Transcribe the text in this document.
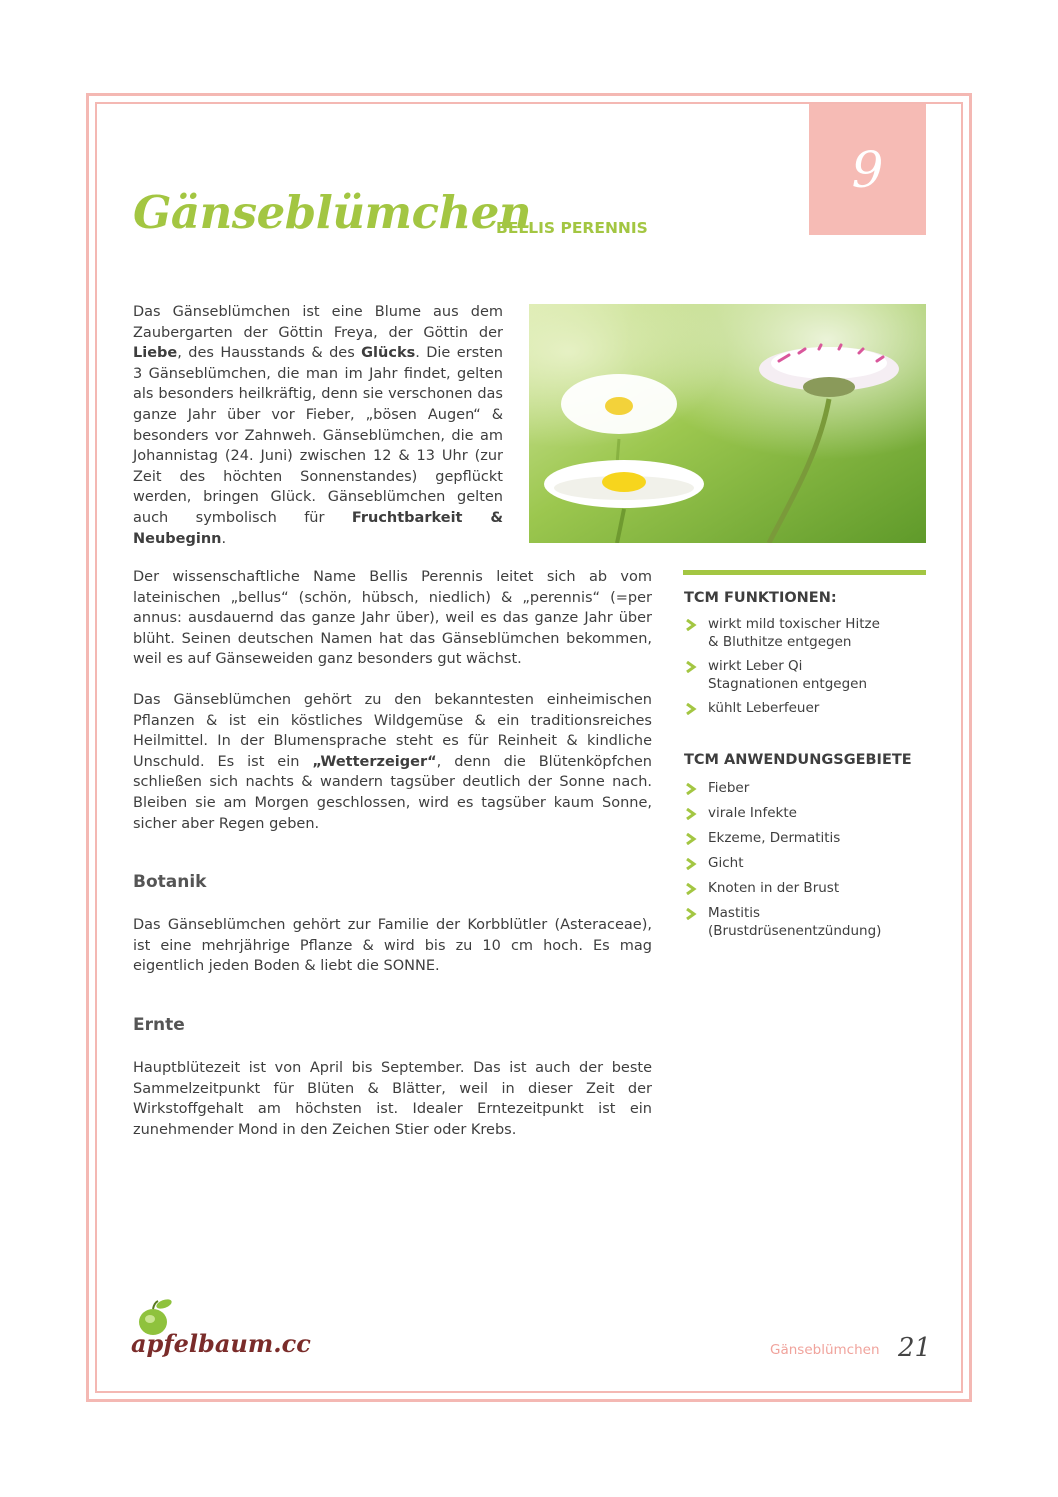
9
Gänseblümchen
BELLIS PERENNIS

Das Gänseblümchen ist eine Blume aus dem Zaubergarten der Göttin Freya, der Göttin der Liebe, des Hausstands & des Glücks. Die ersten 3 Gänseblümchen, die man im Jahr findet, gelten als besonders heilkräftig, denn sie verschonen das ganze Jahr über vor Fieber, „bösen Augen“ & besonders vor Zahnweh. Gänseblümchen, die am Johannistag (24. Juni) zwischen 12 & 13 Uhr (zur Zeit des höchten Sonnenstandes) gepflückt werden, bringen Glück. Gänseblümchen gelten auch symbolisch für Fruchtbarkeit & Neubeginn.

Der wissenschaftliche Name Bellis Perennis leitet sich ab vom lateinischen „bellus“ (schön, hübsch, niedlich) & „perennis“ (=per annus: ausdauernd das ganze Jahr über), weil es das ganze Jahr über blüht. Seinen deutschen Namen hat das Gänseblümchen bekommen, weil es auf Gänseweiden ganz besonders gut wächst.

Das Gänseblümchen gehört zu den bekanntesten einheimischen Pflanzen & ist ein köstliches Wildgemüse & ein traditionsreiches Heilmittel. In der Blumensprache steht es für Reinheit & kindliche Unschuld. Es ist ein „Wetterzeiger“, denn die Blütenköpfchen schließen sich nachts & wandern tagsüber deutlich der Sonne nach. Bleiben sie am Morgen geschlossen, wird es tagsüber kaum Sonne, sicher aber Regen geben.

Botanik

Das Gänseblümchen gehört zur Familie der Korbblütler (Asteraceae), ist eine mehrjährige Pflanze & wird bis zu 10 cm hoch. Es mag eigentlich jeden Boden & liebt die SONNE.

Ernte

Hauptblütezeit ist von April bis September. Das ist auch der beste Sammelzeitpunkt für Blüten & Blätter, weil in dieser Zeit der Wirkstoffgehalt am höchsten ist. Idealer Erntezeitpunkt ist ein zunehmender Mond in den Zeichen Stier oder Krebs.

TCM FUNKTIONEN:
wirkt mild toxischer Hitze
& Bluthitze entgegen
wirkt Leber Qi
Stagnationen entgegen
kühlt Leberfeuer
TCM ANWENDUNGSGEBIETE
Fieber
virale Infekte
Ekzeme, Dermatitis
Gicht
Knoten in der Brust
Mastitis
(Brustdrüsenentzündung)
apfelbaum.cc	Gänseblümchen 21
